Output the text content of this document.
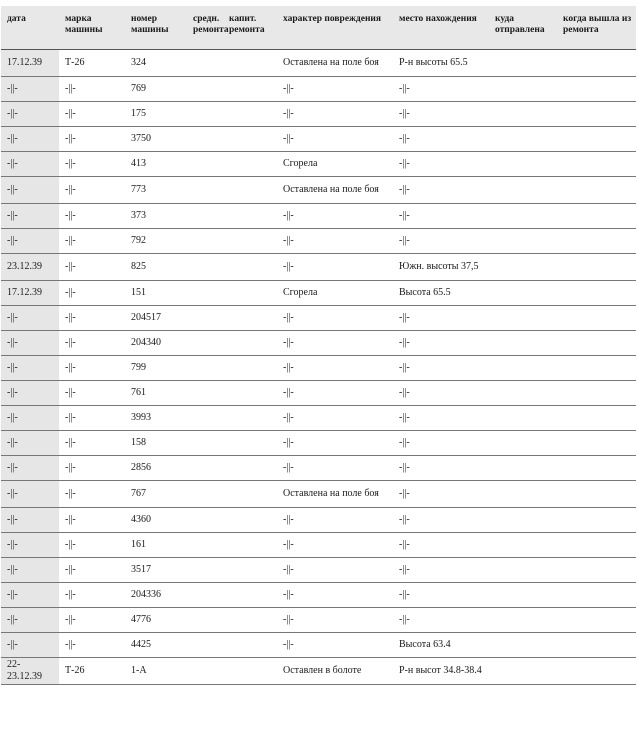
дата	марка машины	номер машины	средн. ремонта	капит. ремонта	характер повреждения	место нахождения	куда отправлена	когда вышла из ремонта
17.12.39	Т-26	324			Оставлена на поле боя	Р-н высоты 65.5		
-||-	-||-	769			-||-	-||-		
-||-	-||-	175			-||-	-||-		
-||-	-||-	3750			-||-	-||-		
-||-	-||-	413			Сгорела	-||-		
-||-	-||-	773			Оставлена на поле боя	-||-		
-||-	-||-	373			-||-	-||-		
-||-	-||-	792			-||-	-||-		
23.12.39	-||-	825			-||-	Южн. высоты 37,5		
17.12.39	-||-	151			Сгорела	Высота 65.5		
-||-	-||-	204517			-||-	-||-		
-||-	-||-	204340			-||-	-||-		
-||-	-||-	799			-||-	-||-		
-||-	-||-	761			-||-	-||-		
-||-	-||-	3993			-||-	-||-		
-||-	-||-	158			-||-	-||-		
-||-	-||-	2856			-||-	-||-		
-||-	-||-	767			Оставлена на поле боя	-||-		
-||-	-||-	4360			-||-	-||-		
-||-	-||-	161			-||-	-||-		
-||-	-||-	3517			-||-	-||-		
-||-	-||-	204336			-||-	-||-		
-||-	-||-	4776			-||-	-||-		
-||-	-||-	4425			-||-	Высота 63.4		
22-23.12.39	Т-26	1-А			Оставлен в болоте	Р-н высот 34.8-38.4		
